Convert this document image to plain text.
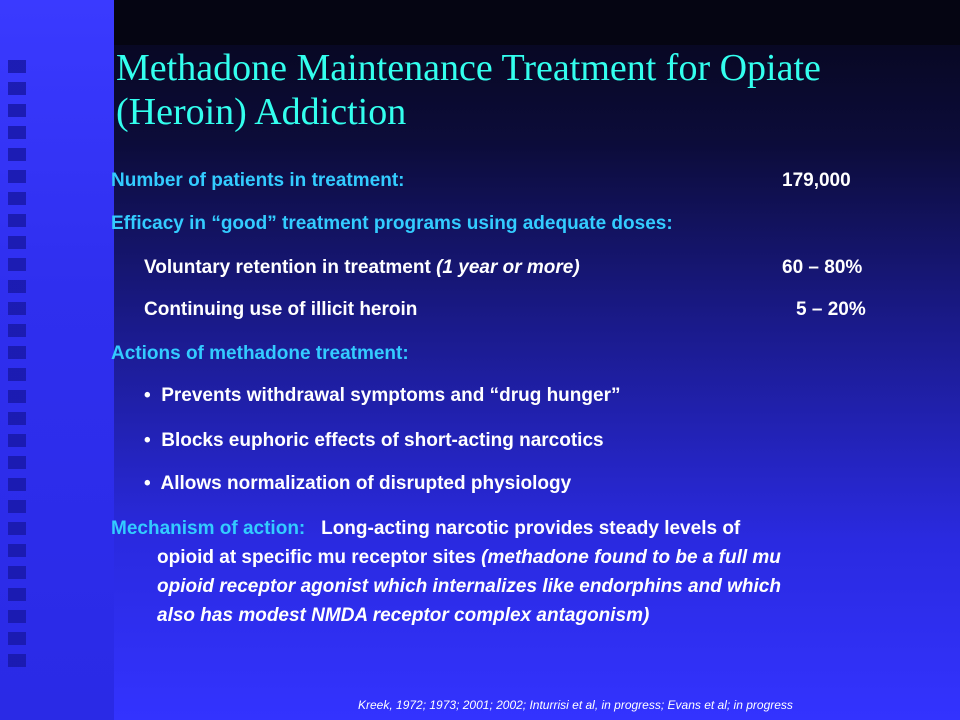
Methadone Maintenance Treatment for Opiate
(Heroin) Addiction
Number of patients in treatment:	179,000
Efficacy in “good” treatment programs using adequate doses:
Voluntary retention in treatment (1 year or more)	60 – 80%
Continuing use of illicit heroin	5 – 20%
Actions of methadone treatment:
• Prevents withdrawal symptoms and “drug hunger”
• Blocks euphoric effects of short-acting narcotics
• Allows normalization of disrupted physiology
Mechanism of action: Long-acting narcotic provides steady levels of
opioid at specific mu receptor sites (methadone found to be a full mu
opioid receptor agonist which internalizes like endorphins and which
also has modest NMDA receptor complex antagonism)
Kreek, 1972; 1973; 2001; 2002; Inturrisi et al, in progress; Evans et al; in progress
